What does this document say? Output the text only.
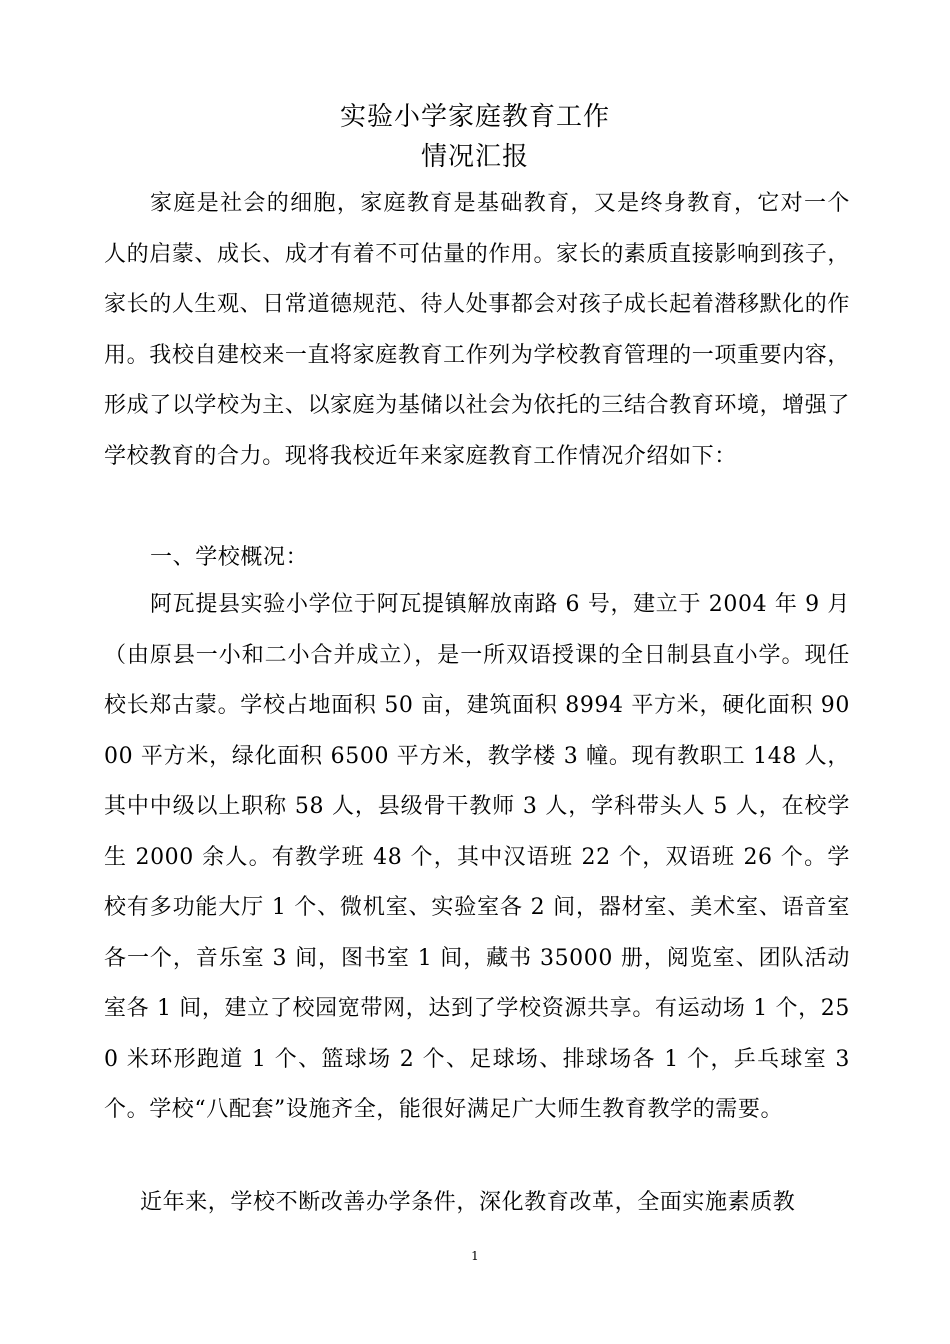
实验小学家庭教育工作
情况汇报

家庭是社会的细胞，家庭教育是基础教育，又是终身教育，它对一个人的启蒙、成长、成才有着不可估量的作用。家长的素质直接影响到孩子，家长的人生观、日常道德规范、待人处事都会对孩子成长起着潜移默化的作用。我校自建校来一直将家庭教育工作列为学校教育管理的一项重要内容，形成了以学校为主、以家庭为基储以社会为依托的三结合教育环境，增强了学校教育的合力。现将我校近年来家庭教育工作情况介绍如下：

一、学校概况：

阿瓦提县实验小学位于阿瓦提镇解放南路 6 号，建立于 2004 年 9 月（由原县一小和二小合并成立），是一所双语授课的全日制县直小学。现任校长郑古蒙。学校占地面积 50 亩，建筑面积 8994 平方米，硬化面积 9000 平方米，绿化面积 6500 平方米，教学楼 3 幢。现有教职工 148 人，其中中级以上职称 58 人，县级骨干教师 3 人，学科带头人 5 人，在校学生 2000 余人。有教学班 48 个，其中汉语班 22 个，双语班 26 个。学校有多功能大厅 1 个、微机室、实验室各 2 间，器材室、美术室、语音室各一个，音乐室 3 间，图书室 1 间，藏书 35000 册，阅览室、团队活动室各 1 间，建立了校园宽带网，达到了学校资源共享。有运动场 1 个，250 米环形跑道 1 个、篮球场 2 个、足球场、排球场各 1 个，乒乓球室 3 个。学校“八配套”设施齐全，能很好满足广大师生教育教学的需要。

近年来，学校不断改善办学条件，深化教育改革，全面实施素质教

1
